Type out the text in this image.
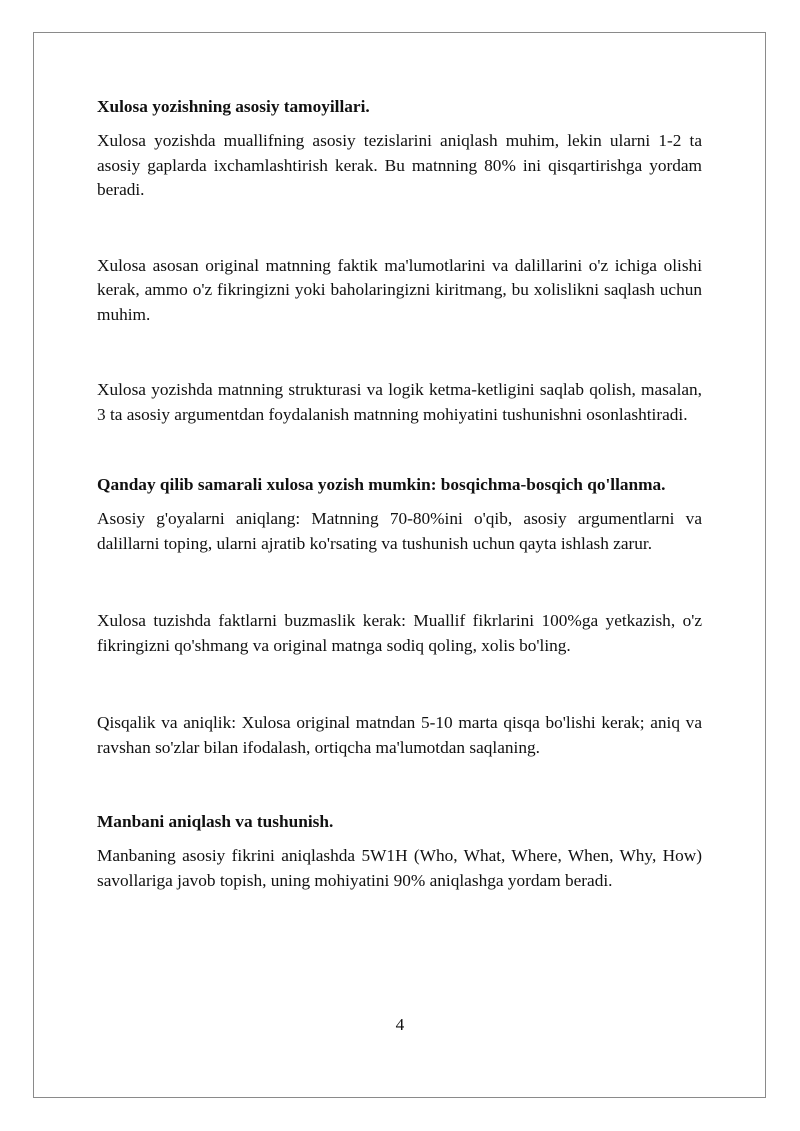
Xulosa yozishning asosiy tamoyillari.

Xulosa yozishda muallifning asosiy tezislarini aniqlash muhim, lekin ularni 1-2 ta asosiy gaplarda ixchamlashtirish kerak. Bu matnning 80% ini qisqartirishga yordam beradi.

Xulosa asosan original matnning faktik ma'lumotlarini va dalillarini o'z ichiga olishi kerak, ammo o'z fikringizni yoki baholaringizni kiritmang, bu xolislikni saqlash uchun muhim.

Xulosa yozishda matnning strukturasi va logik ketma-ketligini saqlab qolish, masalan, 3 ta asosiy argumentdan foydalanish matnning mohiyatini tushunishni osonlashtiradi.

Qanday qilib samarali xulosa yozish mumkin: bosqichma-bosqich qo'llanma.

Asosiy g'oyalarni aniqlang: Matnning 70-80%ini o'qib, asosiy argumentlarni va dalillarni toping, ularni ajratib ko'rsating va tushunish uchun qayta ishlash zarur.

Xulosa tuzishda faktlarni buzmaslik kerak: Muallif fikrlarini 100%ga yetkazish, o'z fikringizni qo'shmang va original matnga sodiq qoling, xolis bo'ling.

Qisqalik va aniqlik: Xulosa original matndan 5-10 marta qisqa bo'lishi kerak; aniq va ravshan so'zlar bilan ifodalash, ortiqcha ma'lumotdan saqlaning.

Manbani aniqlash va tushunish.

Manbaning asosiy fikrini aniqlashda 5W1H (Who, What, Where, When, Why, How) savollariga javob topish, uning mohiyatini 90% aniqlashga yordam beradi.

4
